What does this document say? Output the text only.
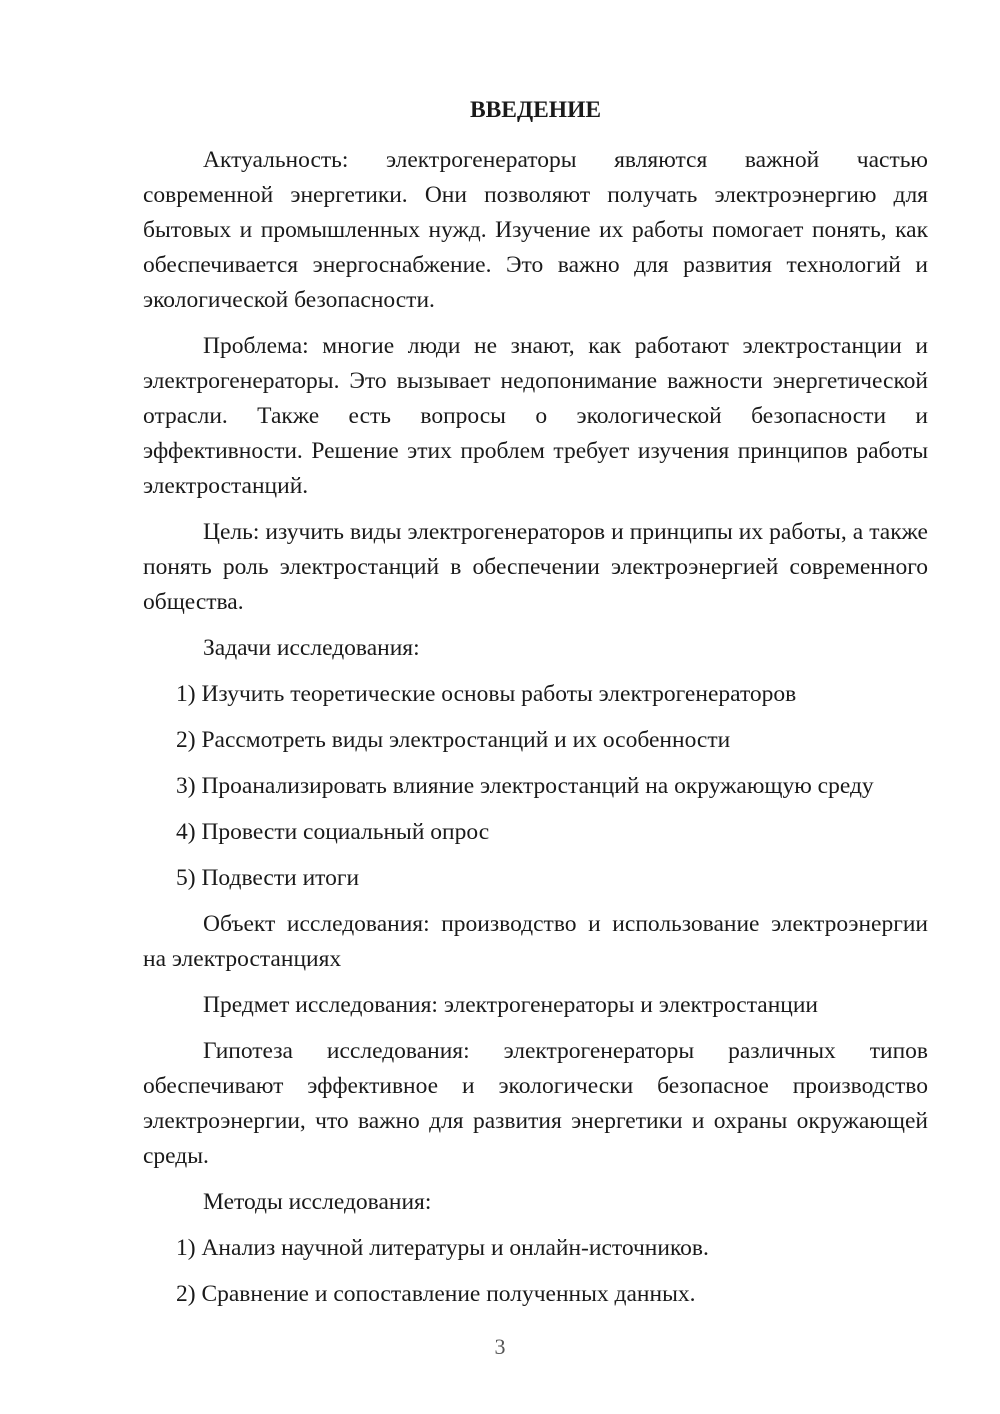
ВВЕДЕНИЕ

Актуальность: электрогенераторы являются важной частью современной энергетики. Они позволяют получать электроэнергию для бытовых и промышленных нужд. Изучение их работы помогает понять, как обеспечивается энергоснабжение. Это важно для развития технологий и экологической безопасности.

Проблема: многие люди не знают, как работают электростанции и электрогенераторы. Это вызывает недопонимание важности энергетической отрасли. Также есть вопросы о экологической безопасности и эффективности. Решение этих проблем требует изучения принципов работы электростанций.

Цель: изучить виды электрогенераторов и принципы их работы, а также понять роль электростанций в обеспечении электроэнергией современного общества.

Задачи исследования:

1) Изучить теоретические основы работы электрогенераторов
2) Рассмотреть виды электростанций и их особенности
3) Проанализировать влияние электростанций на окружающую среду
4) Провести социальный опрос
5) Подвести итоги

Объект исследования: производство и использование электроэнергии на электростанциях

Предмет исследования: электрогенераторы и электростанции

Гипотеза исследования: электрогенераторы различных типов обеспечивают эффективное и экологически безопасное производство электроэнергии, что важно для развития энергетики и охраны окружающей среды.

Методы исследования:

1) Анализ научной литературы и онлайн-источников.
2) Сравнение и сопоставление полученных данных.
3
